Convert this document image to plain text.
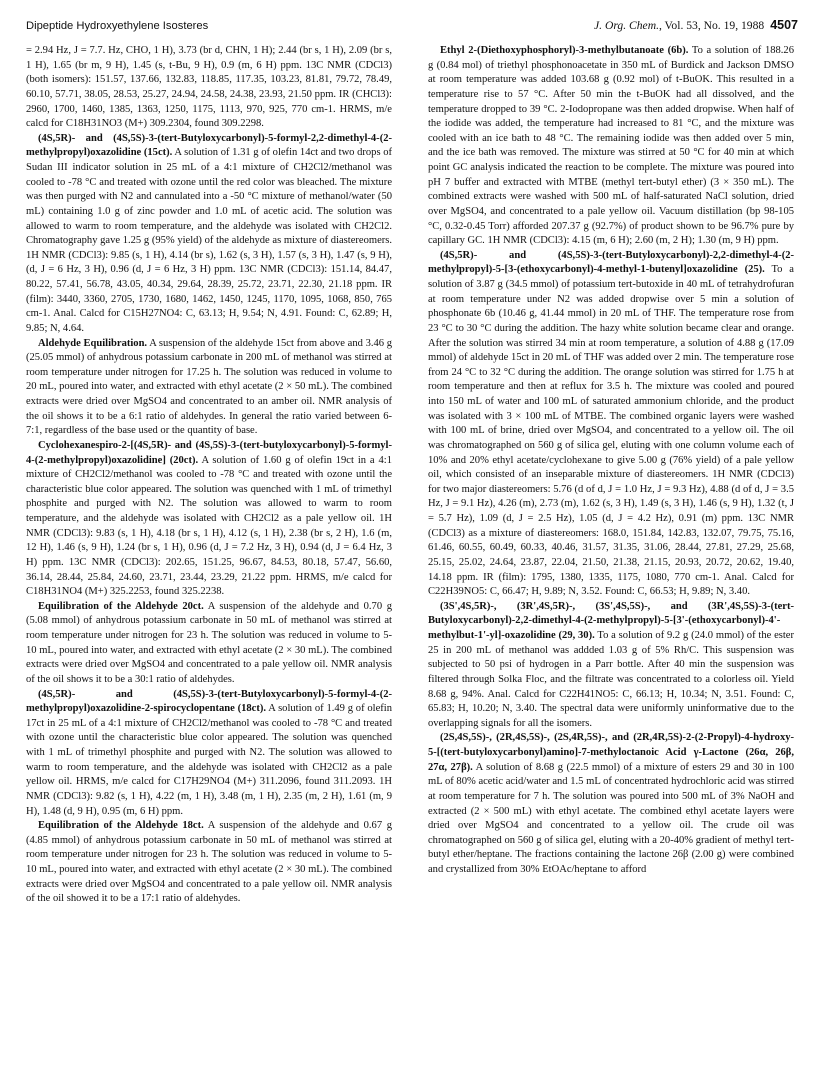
Dipeptide Hydroxyethylene Isosteres	J. Org. Chem., Vol. 53, No. 19, 1988 4507

= 2.94 Hz, J = 7.7. Hz, CHO, 1 H), 3.73 (br d, CHN, 1 H); 2.44 (br s, 1 H), 2.09 (br s, 1 H), 1.65 (br m, 9 H), 1.45 (s, t-Bu, 9 H), 0.9 (m, 6 H) ppm. 13C NMR (CDCl3) (both isomers): 151.57, 137.66, 132.83, 118.85, 117.35, 103.23, 81.81, 79.72, 78.49, 60.10, 57.71, 38.05, 28.53, 25.27, 24.94, 24.58, 24.38, 23.93, 21.50 ppm. IR (CHCl3): 2960, 1700, 1460, 1385, 1363, 1250, 1175, 1113, 970, 925, 770 cm-1. HRMS, m/e calcd for C18H31NO3 (M+) 309.2304, found 309.2298.

(4S,5R)- and (4S,5S)-3-(tert-Butyloxycarbonyl)-5-formyl-2,2-dimethyl-4-(2-methylpropyl)oxazolidine (15ct). A solution of 1.31 g of olefin 14ct and two drops of Sudan III indicator solution in 25 mL of a 4:1 mixture of CH2Cl2/methanol was cooled to -78 °C and treated with ozone until the red color was bleached. The mixture was then purged with N2 and cannulated into a -50 °C mixture of methanol/water (50 mL) containing 1.0 g of zinc powder and 1.0 mL of acetic acid. The solution was allowed to warm to room temperature, and the aldehyde was isolated with CH2Cl2. Chromatography gave 1.25 g (95% yield) of the aldehyde as mixture of diastereomers. 1H NMR (CDCl3): 9.85 (s, 1 H), 4.14 (br s), 1.62 (s, 3 H), 1.57 (s, 3 H), 1.47 (s, 9 H), (d, J = 6 Hz, 3 H), 0.96 (d, J = 6 Hz, 3 H) ppm. 13C NMR (CDCl3): 151.14, 84.47, 80.22, 57.41, 56.78, 43.05, 40.34, 29.64, 28.39, 25.72, 23.71, 22.30, 21.18 ppm. IR (film): 3440, 3360, 2705, 1730, 1680, 1462, 1450, 1245, 1170, 1095, 1068, 850, 765 cm-1. Anal. Calcd for C15H27NO4: C, 63.13; H, 9.54; N, 4.91. Found: C, 62.89; H, 9.85; N, 4.64.

Aldehyde Equilibration. A suspension of the aldehyde 15ct from above and 3.46 g (25.05 mmol) of anhydrous potassium carbonate in 200 mL of methanol was stirred at room temperature under nitrogen for 17.25 h. The solution was reduced in volume to 20 mL, poured into water, and extracted with ethyl acetate (2 × 50 mL). The combined extracts were dried over MgSO4 and concentrated to an amber oil. NMR analysis of the oil shows it to be a 6:1 ratio of aldehydes. In general the ratio varied between 6-7:1, regardless of the base used or the quantity of base.

Cyclohexanespiro-2-[(4S,5R)- and (4S,5S)-3-(tert-butyloxycarbonyl)-5-formyl-4-(2-methylpropyl)oxazolidine] (20ct). A solution of 1.60 g of olefin 19ct in a 4:1 mixture of CH2Cl2/methanol was cooled to -78 °C and treated with ozone until the characteristic blue color appeared. The solution was quenched with 1 mL of trimethyl phosphite and purged with N2. The solution was allowed to warm to room temperature, and the aldehyde was isolated with CH2Cl2 as a pale yellow oil. 1H NMR (CDCl3): 9.83 (s, 1 H), 4.18 (br s, 1 H), 4.12 (s, 1 H), 2.38 (br s, 2 H), 1.6 (m, 12 H), 1.46 (s, 9 H), 1.24 (br s, 1 H), 0.96 (d, J = 7.2 Hz, 3 H), 0.94 (d, J = 6.4 Hz, 3 H) ppm. 13C NMR (CDCl3): 202.65, 151.25, 96.67, 84.53, 80.18, 57.47, 56.60, 36.14, 28.44, 25.84, 24.60, 23.71, 23.44, 23.29, 21.22 ppm. HRMS, m/e calcd for C18H31NO4 (M+) 325.2253, found 325.2238.

Equilibration of the Aldehyde 20ct. A suspension of the aldehyde and 0.70 g (5.08 mmol) of anhydrous potassium carbonate in 50 mL of methanol was stirred at room temperature under nitrogen for 23 h. The solution was reduced in volume to 5-10 mL, poured into water, and extracted with ethyl acetate (2 × 30 mL). The combined extracts were dried over MgSO4 and concentrated to a pale yellow oil. NMR analysis of the oil shows it to be a 30:1 ratio of aldehydes.

(4S,5R)- and (4S,5S)-3-(tert-Butyloxycarbonyl)-5-formyl-4-(2-methylpropyl)oxazolidine-2-spirocyclopentane (18ct). A solution of 1.49 g of olefin 17ct in 25 mL of a 4:1 mixture of CH2Cl2/methanol was cooled to -78 °C and treated with ozone until the characteristic blue color appeared. The solution was quenched with 1 mL of trimethyl phosphite and purged with N2. The solution was allowed to warm to room temperature, and the aldehyde was isolated with CH2Cl2 as a pale yellow oil. HRMS, m/e calcd for C17H29NO4 (M+) 311.2096, found 311.2093. 1H NMR (CDCl3): 9.82 (s, 1 H), 4.22 (m, 1 H), 3.48 (m, 1 H), 2.35 (m, 2 H), 1.61 (m, 9 H), 1.48 (d, 9 H), 0.95 (m, 6 H) ppm.

Equilibration of the Aldehyde 18ct. A suspension of the aldehyde and 0.67 g (4.85 mmol) of anhydrous potassium carbonate in 50 mL of methanol was stirred at room temperature under nitrogen for 23 h. The solution was reduced in volume to 5-10 mL, poured into water, and extracted with ethyl acetate (2 × 30 mL). The combined extracts were dried over MgSO4 and concentrated to a pale yellow oil. NMR analysis of the oil showed it to be a 17:1 ratio of aldehydes.

Ethyl 2-(Diethoxyphosphoryl)-3-methylbutanoate (6b). To a solution of 188.26 g (0.84 mol) of triethyl phosphonoacetate in 350 mL of Burdick and Jackson DMSO at room temperature was added 103.68 g (0.92 mol) of t-BuOK. This resulted in a temperature rise to 57 °C. After 50 min the t-BuOK had all dissolved, and the temperature dropped to 39 °C. 2-Iodopropane was then added dropwise. When half of the iodide was added, the temperature had increased to 81 °C, and the mixture was cooled with an ice bath to 48 °C. The remaining iodide was then added over 5 min, and the ice bath was removed. The mixture was stirred at 50 °C for 40 min at which point GC analysis indicated the reaction to be complete. The mixture was poured into pH 7 buffer and extracted with MTBE (methyl tert-butyl ether) (3 × 350 mL). The combined extracts were washed with 500 mL of half-saturated NaCl solution, dried over MgSO4, and concentrated to a pale yellow oil. Vacuum distillation (bp 98-105 °C, 0.32-0.45 Torr) afforded 207.37 g (92.7%) of product shown to be 96.7% pure by capillary GC. 1H NMR (CDCl3): 4.15 (m, 6 H); 2.60 (m, 2 H); 1.30 (m, 9 H) ppm.

(4S,5R)- and (4S,5S)-3-(tert-Butyloxycarbonyl)-2,2-dimethyl-4-(2-methylpropyl)-5-[3-(ethoxycarbonyl)-4-methyl-1-butenyl]oxazolidine (25). To a solution of 3.87 g (34.5 mmol) of potassium tert-butoxide in 40 mL of tetrahydrofuran at room temperature under N2 was added dropwise over 5 min a solution of phosphonate 6b (10.46 g, 41.44 mmol) in 20 mL of THF. The temperature rose from 23 °C to 30 °C during the addition. The hazy white solution became clear and orange. After the solution was stirred 34 min at room temperature, a solution of 4.88 g (17.09 mmol) of aldehyde 15ct in 20 mL of THF was added over 2 min. The temperature rose from 24 °C to 32 °C during the addition. The orange solution was stirred for 1.75 h at room temperature and then at reflux for 3.5 h. The mixture was cooled and poured into 150 mL of water and 100 mL of saturated ammonium chloride, and the product was isolated with 3 × 100 mL of MTBE. The combined organic layers were washed with 100 mL of brine, dried over MgSO4, and concentrated to a yellow oil. The oil was chromatographed on 560 g of silica gel, eluting with one column volume each of 10% and 20% ethyl acetate/cyclohexane to give 5.00 g (76% yield) of a pale yellow oil, which consisted of an inseparable mixture of diastereomers. 1H NMR (CDCl3) for two major diastereomers: 5.76 (d of d, J = 1.0 Hz, J = 9.3 Hz), 4.88 (d of d, J = 3.5 Hz, J = 9.1 Hz), 4.26 (m), 2.73 (m), 1.62 (s, 3 H), 1.49 (s, 3 H), 1.46 (s, 9 H), 1.32 (t, J = 5.7 Hz), 1.09 (d, J = 2.5 Hz), 1.05 (d, J = 4.2 Hz), 0.91 (m) ppm. 13C NMR (CDCl3) as a mixture of diastereomers: 168.0, 151.84, 142.83, 132.07, 79.75, 75.16, 61.46, 60.55, 60.49, 60.33, 40.46, 31.57, 31.35, 31.06, 28.44, 27.81, 27.29, 25.68, 25.15, 25.02, 24.64, 23.87, 22.04, 21.50, 21.38, 21.15, 20.93, 20.72, 20.62, 19.40, 14.18 ppm. IR (film): 1795, 1380, 1335, 1175, 1080, 770 cm-1. Anal. Calcd for C22H39NO5: C, 66.47; H, 9.89; N, 3.52. Found: C, 66.53; H, 9.89; N, 3.40.

(3S',4S,5R)-, (3R',4S,5R)-, (3S',4S,5S)-, and (3R',4S,5S)-3-(tert-Butyloxycarbonyl)-2,2-dimethyl-4-(2-methylpropyl)-5-[3'-(ethoxycarbonyl)-4'-methylbut-1'-yl]-oxazolidine (29, 30). To a solution of 9.2 g (24.0 mmol) of the ester 25 in 200 mL of methanol was addded 1.03 g of 5% Rh/C. This suspension was subjected to 50 psi of hydrogen in a Parr bottle. After 40 min the suspension was filtered through Solka Floc, and the filtrate was concentrated to a colorless oil. Yield 8.68 g, 94%. Anal. Calcd for C22H41NO5: C, 66.13; H, 10.34; N, 3.51. Found: C, 65.83; H, 10.20; N, 3.40. The spectral data were uniformly uninformative due to the overlapping signals for all the isomers.

(2S,4S,5S)-, (2R,4S,5S)-, (2S,4R,5S)-, and (2R,4R,5S)-2-(2-Propyl)-4-hydroxy-5-[(tert-butyloxycarbonyl)amino]-7-methyloctanoic Acid γ-Lactone (26α, 26β, 27α, 27β). A solution of 8.68 g (22.5 mmol) of a mixture of esters 29 and 30 in 100 mL of 80% acetic acid/water and 1.5 mL of concentrated hydrochloric acid was stirred at room temperature for 7 h. The solution was poured into 500 mL of 3% NaOH and extracted (2 × 500 mL) with ethyl acetate. The combined ethyl acetate layers were dried over MgSO4 and concentrated to a yellow oil. The crude oil was chromatographed on 560 g of silica gel, eluting with a 20-40% gradient of methyl tert-butyl ether/heptane. The fractions containing the lactone 26β (2.00 g) were combined and crystallized from 30% EtOAc/heptane to afford
